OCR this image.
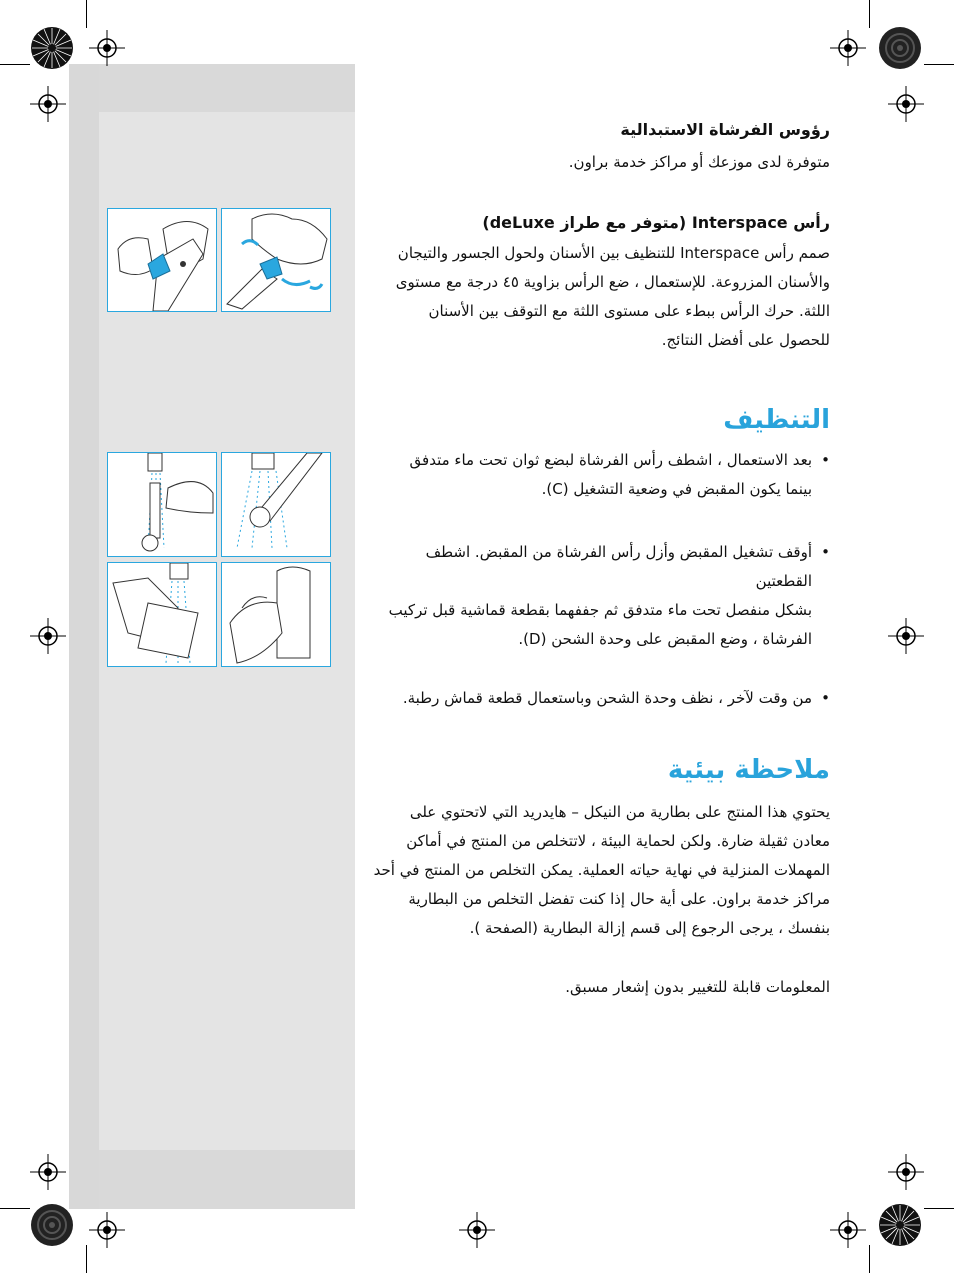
رؤوس الفرشاة الاستبدالية

متوفرة لدى موزعك أو مراكز خدمة براون.

رأس Interspace (متوفر مع طراز deLuxe)

صمم رأس Interspace للتنظيف بين الأسنان ولحول الجسور والتيجان

والأسنان المزروعة. للإستعمال ، ضع الرأس بزاوية ٤٥ درجة مع مستوى

اللثة. حرك الرأس ببطء على مستوى اللثة مع التوقف بين الأسنان

للحصول على أفضل النتائج.

التنظيف

• بعد الاستعمال ، اشطف رأس الفرشاة لبضع ثوان تحت ماء متدفق
بينما يكون المقبض في وضعية التشغيل (C).
• أوقف تشغيل المقبض وأزل رأس الفرشاة من المقبض. اشطف القطعتين
بشكل منفصل تحت ماء متدفق ثم جففهما بقطعة قماشية قبل تركيب
الفرشاة ، وضع المقبض على وحدة الشحن (D).
• من وقت لآخر ، نظف وحدة الشحن وباستعمال قطعة قماش رطبة.

ملاحظة بيئية

يحتوي هذا المنتج على بطارية من النيكل – هايدريد التي لاتحتوي على

معادن ثقيلة ضارة. ولكن لحماية البيئة ، لاتتخلص من المنتج في أماكن

المهملات المنزلية في نهاية حياته العملية. يمكن التخلص من المنتج في أحد

مراكز خدمة براون. على أية حال إذا كنت تفضل التخلص من البطارية

بنفسك ، يرجى الرجوع إلى قسم إزالة البطارية (الصفحة ).

المعلومات قابلة للتغيير بدون إشعار مسبق.
